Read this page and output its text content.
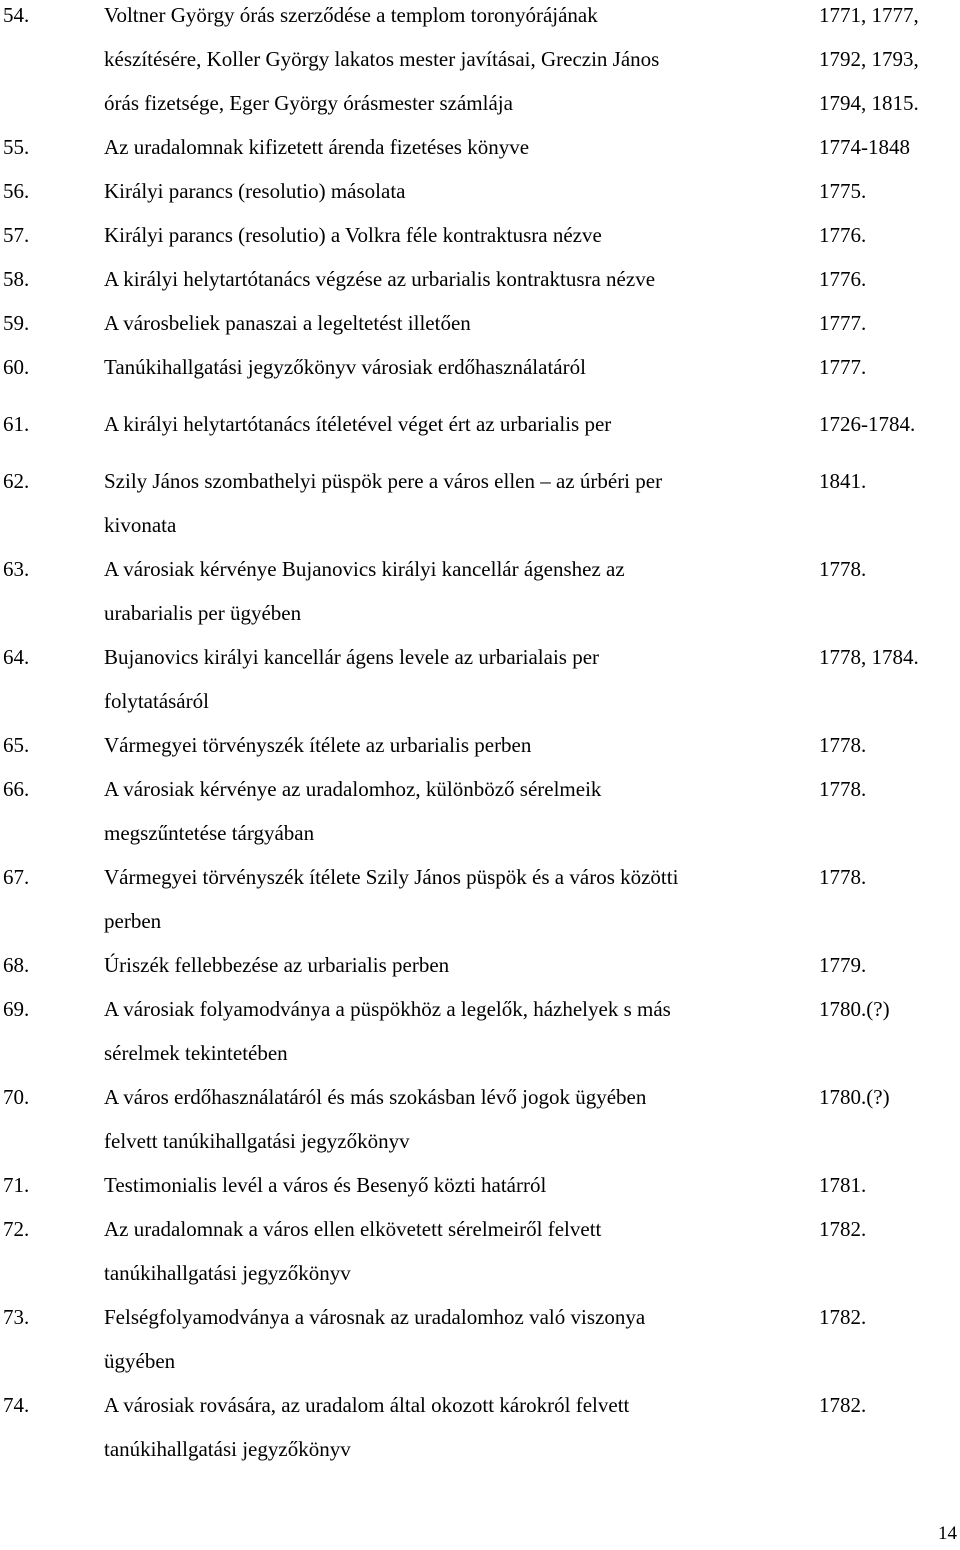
54.	Voltner György órás szerződése a templom toronyórájának	1771, 1777,
készítésére, Koller György lakatos mester javításai, Greczin János	1792, 1793,
órás fizetsége, Eger György órásmester számlája	1794, 1815.
55.	Az uradalomnak kifizetett árenda fizetéses könyve	1774-1848
56.	Királyi parancs (resolutio) másolata	1775.
57.	Királyi parancs (resolutio) a Volkra féle kontraktusra nézve	1776.
58.	A királyi helytartótanács végzése az urbarialis kontraktusra nézve	1776.
59.	A városbeliek panaszai a legeltetést illetően	1777.
60.	Tanúkihallgatási jegyzőkönyv városiak erdőhasználatáról	1777.
61.	A királyi helytartótanács ítéletével véget ért az urbarialis per	1726-1784.
62.	Szily János szombathelyi püspök pere a város ellen – az úrbéri per	1841.
kivonata
63.	A városiak kérvénye Bujanovics királyi kancellár ágenshez az	1778.
urabarialis per ügyében
64.	Bujanovics királyi kancellár ágens levele az urbarialais per	1778, 1784.
folytatásáról
65.	Vármegyei törvényszék ítélete az urbarialis perben	1778.
66.	A városiak kérvénye az uradalomhoz, különböző sérelmeik	1778.
megszűntetése tárgyában
67.	Vármegyei törvényszék ítélete Szily János püspök és a város közötti	1778.
perben
68.	Úriszék fellebbezése az urbarialis perben	1779.
69.	A városiak folyamodványa a püspökhöz a legelők, házhelyek s más	1780.(?)
sérelmek tekintetében
70.	A város erdőhasználatáról és más szokásban lévő jogok ügyében	1780.(?)
felvett tanúkihallgatási jegyzőkönyv
71.	Testimonialis levél a város és Besenyő közti határról	1781.
72.	Az uradalomnak a város ellen elkövetett sérelmeiről felvett	1782.
tanúkihallgatási jegyzőkönyv
73.	Felségfolyamodványa a városnak az uradalomhoz való viszonya	1782.
ügyében
74.	A városiak rovására, az uradalom által okozott károkról felvett	1782.
tanúkihallgatási jegyzőkönyv
14
